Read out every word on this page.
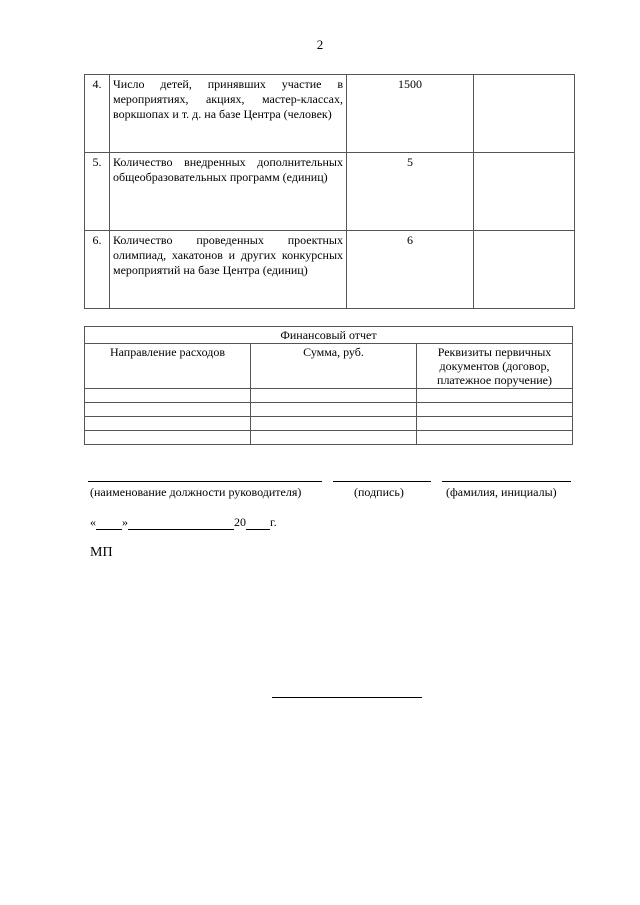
2
4.	Число детей, принявших участие в мероприятиях, акциях, мастер-классах, воркшопах и т. д. на базе Центра (человек)	1500	
5.	Количество внедренных дополнительных общеобразовательных программ (единиц)	5	
6.	Количество проведенных проектных олимпиад, хакатонов и других конкурсных мероприятий на базе Центра (единиц)	6	
Финансовый отчет		
Направление расходов	Сумма, руб.	Реквизиты первичных документов (договор, платежное поручение)

(наименование должности руководителя)	(подпись)	(фамилия, инициалы)
« »	20 г.
МП
